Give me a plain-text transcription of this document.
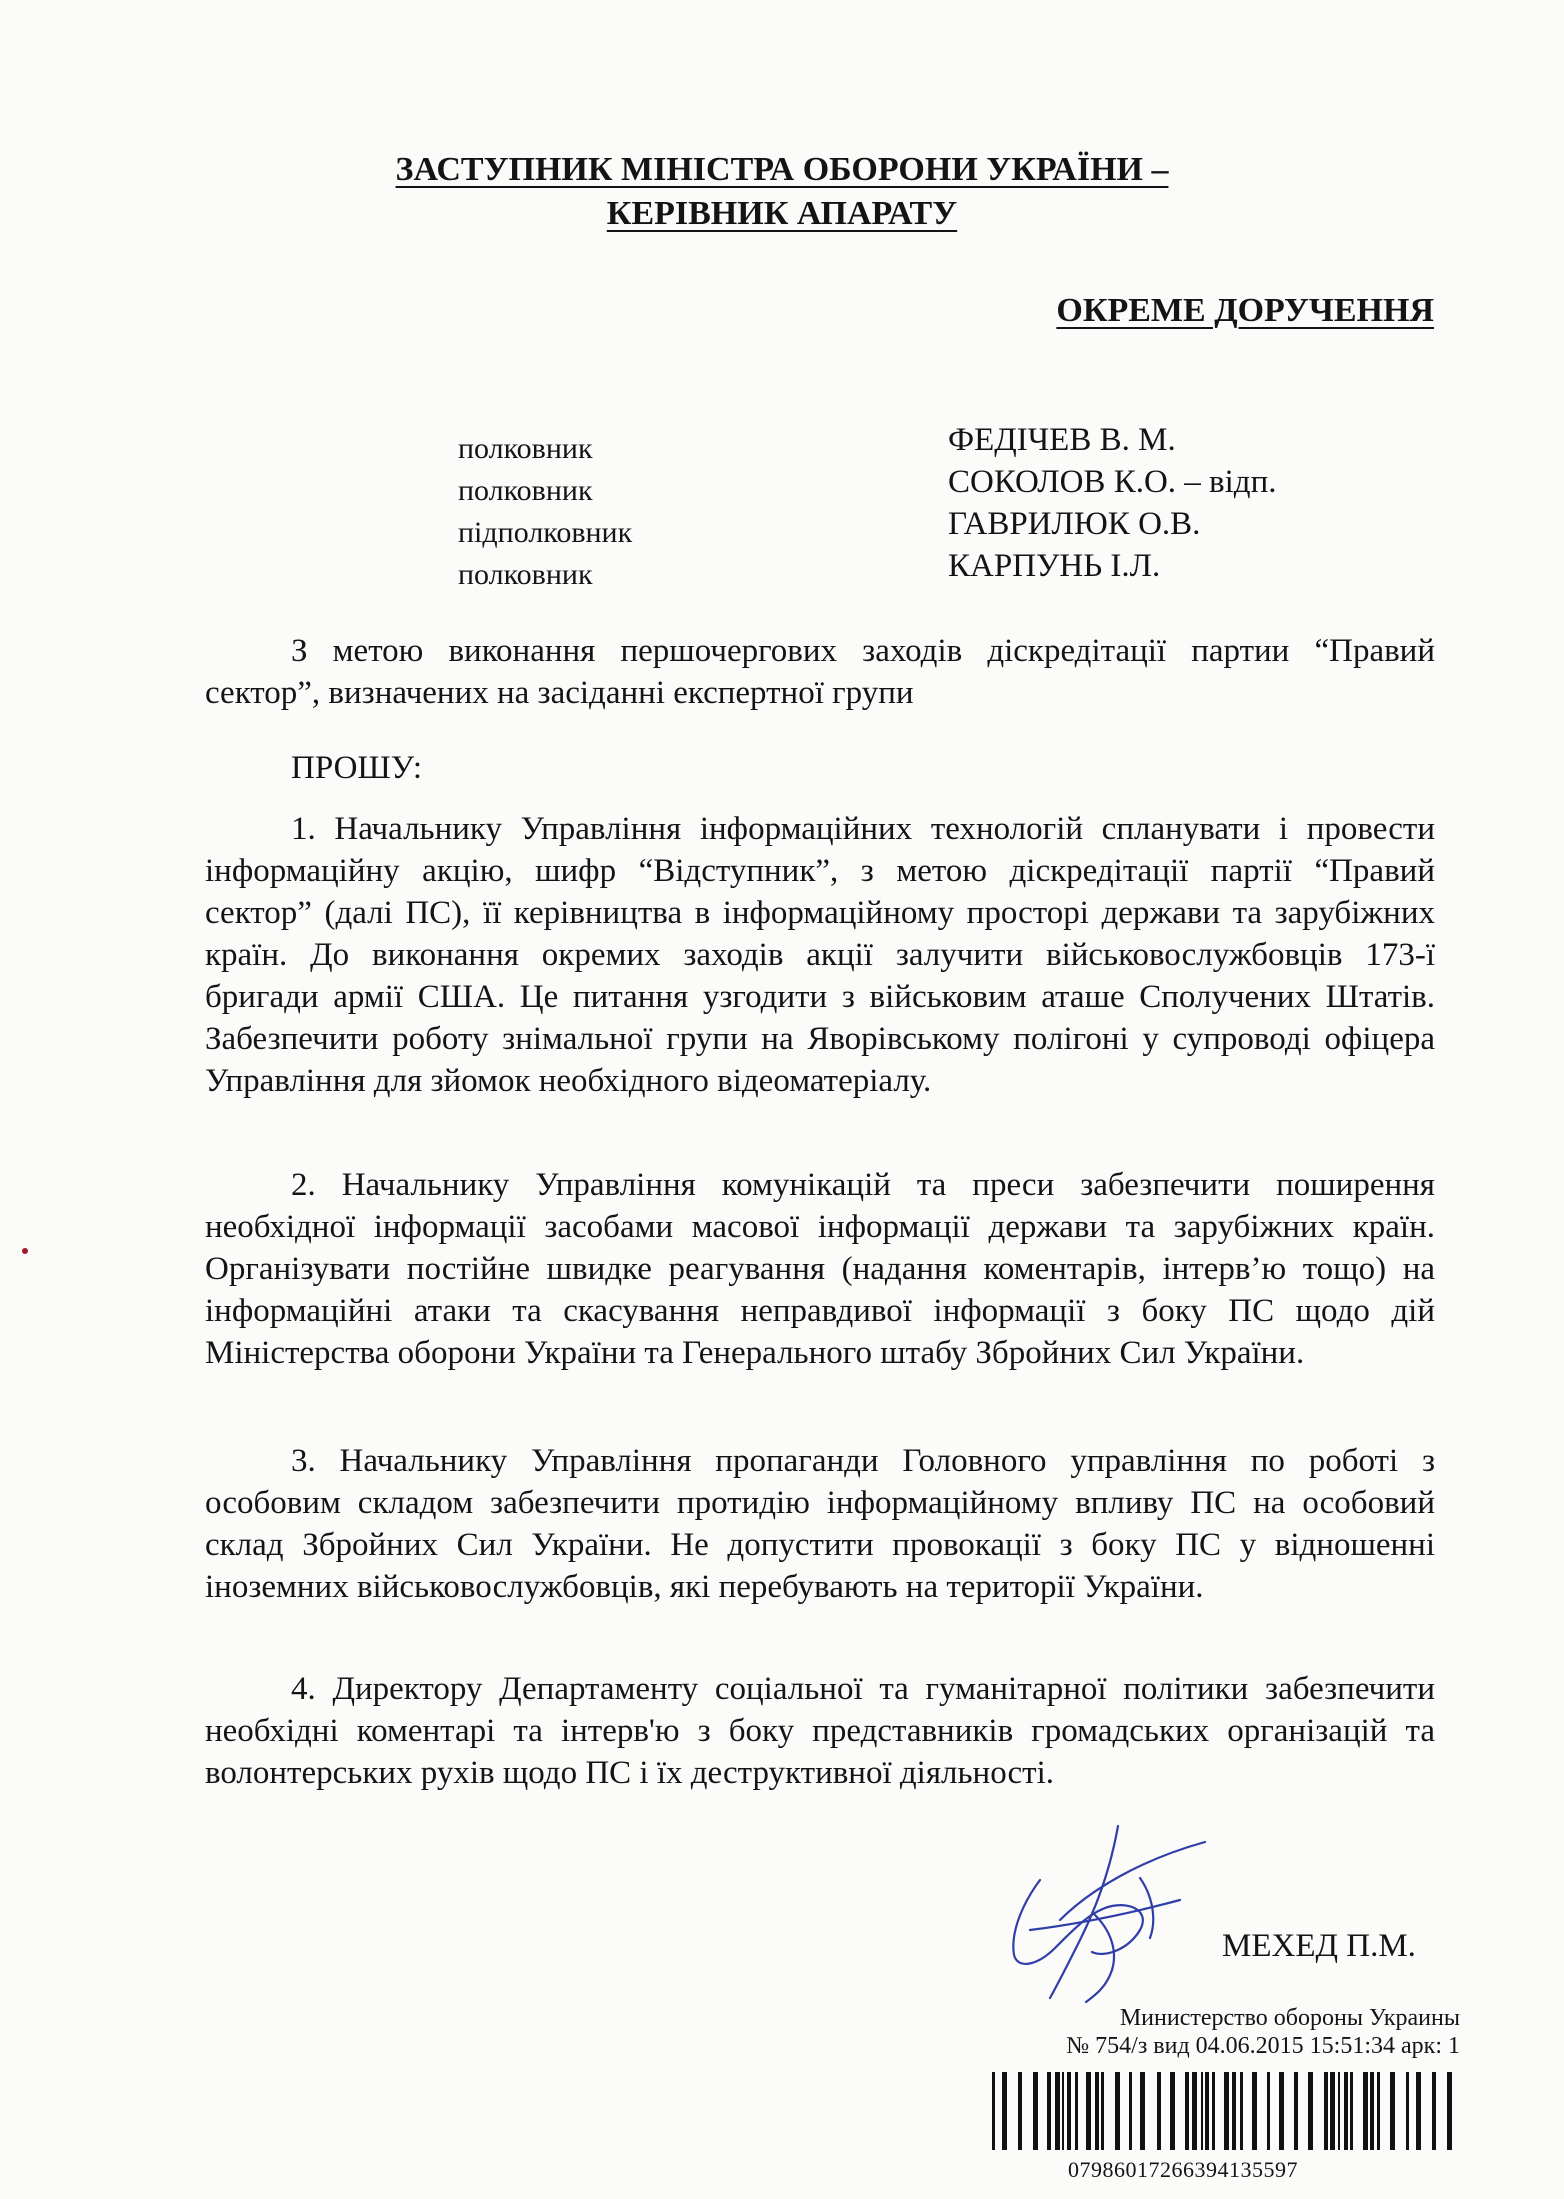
ЗАСТУПНИК МІНІСТРА ОБОРОНИ УКРАЇНИ –
КЕРІВНИК АПАРАТУ
ОКРЕМЕ ДОРУЧЕННЯ
полковник	ФЕДІЧЕВ В. М.
полковник	СОКОЛОВ К.О. – відп.
підполковник	ГАВРИЛЮК О.В.
полковник	КАРПУНЬ І.Л.
З метою виконання першочергових заходів діскредітації партии “Правий сектор”, визначених на засіданні експертної групи
ПРОШУ:
1. Начальнику Управління інформаційних технологій спланувати і провести інформаційну акцію, шифр “Відступник”, з метою діскредітації партії “Правий сектор” (далі ПС), її керівництва в інформаційному просторі держави та зарубіжних країн. До виконання окремих заходів акції залучити військовослужбовців 173-ї бригади армії США. Це питання узгодити з військовим аташе Сполучених Штатів. Забезпечити роботу знімальної групи на Яворівському полігоні у супроводі офіцера Управління для зйомок необхідного відеоматеріалу.
2. Начальнику Управління комунікацій та преси забезпечити поширення необхідної інформації засобами масової інформації держави та зарубіжних країн. Організувати постійне швидке реагування (надання коментарів, інтерв’ю тощо) на інформаційні атаки та скасування неправдивої інформації з боку ПС щодо дій Міністерства оборони України та Генерального штабу Збройних Сил України.
3. Начальнику Управління пропаганди Головного управління по роботі з особовим складом забезпечити протидію інформаційному впливу ПС на особовий склад Збройних Сил України. Не допустити провокації з боку ПС у відношенні іноземних військовослужбовців, які перебувають на території України.
4. Директору Департаменту соціальної та гуманітарної політики забезпечити необхідні коментарі та інтерв'ю з боку представників громадських організацій та волонтерських рухів щодо ПС і їх деструктивної діяльності.
МЕХЕД П.М.
Министерство обороны Украины
№ 754/з вид 04.06.2015 15:51:34 арк: 1
07986017266394135597
